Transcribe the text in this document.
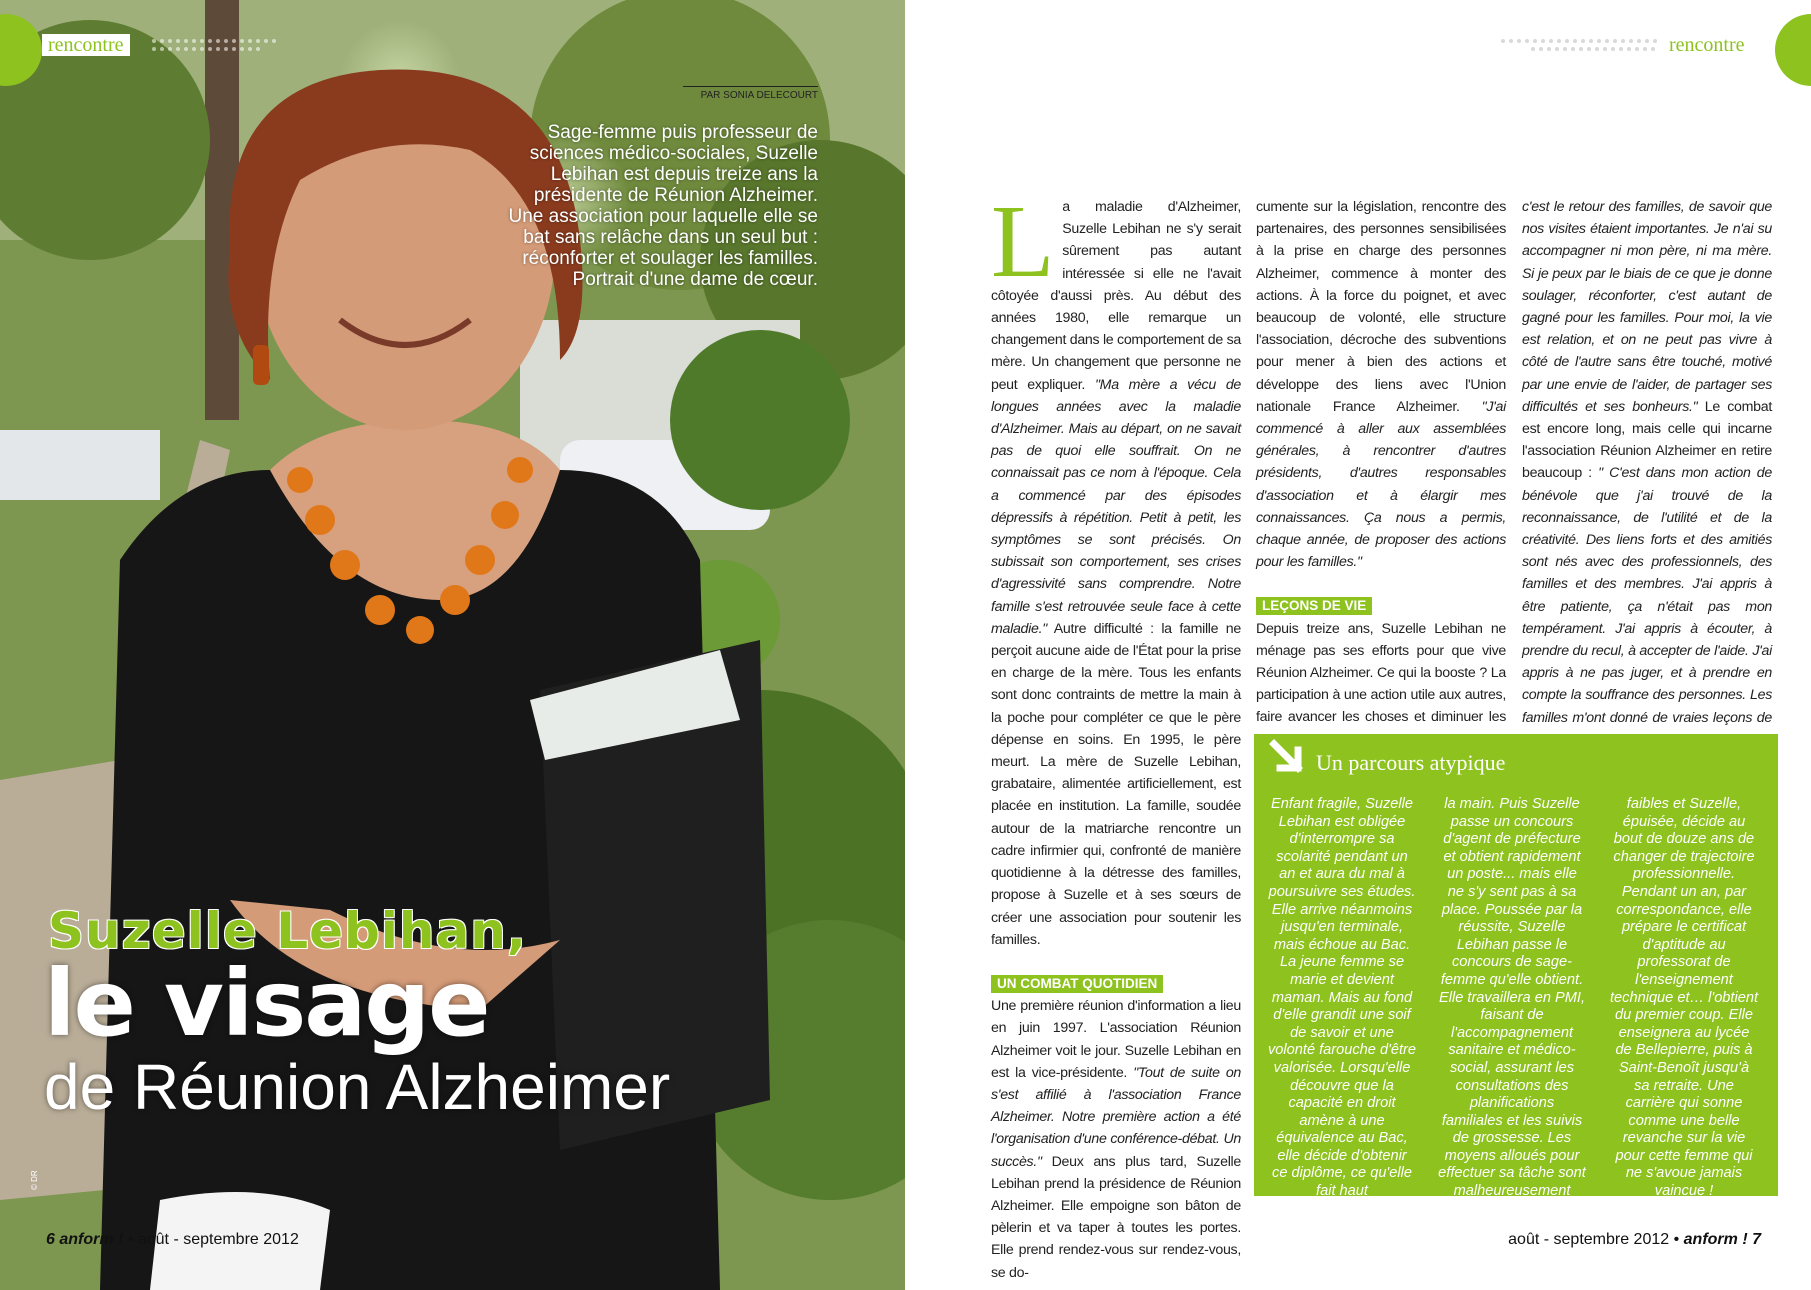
rencontre
PAR SONIA DELECOURT
Sage-femme puis professeur de sciences médico-sociales, Suzelle Lebihan est depuis treize ans la présidente de Réunion Alzheimer. Une association pour laquelle elle se bat sans relâche dans un seul but : réconforter et soulager les familles. Portrait d'une dame de cœur.
Suzelle Lebihan,
le visage
de Réunion Alzheimer
© DR
6 anform ! • août - septembre 2012
rencontre

La maladie d'Alzheimer, Suzelle Lebihan ne s'y serait sûrement pas autant intéressée si elle ne l'avait côtoyée d'aussi près. Au début des années 1980, elle remarque un changement dans le comportement de sa mère. Un changement que personne ne peut expliquer. "Ma mère a vécu de longues années avec la maladie d'Alzheimer. Mais au départ, on ne savait pas de quoi elle souffrait. On ne connaissait pas ce nom à l'époque. Cela a commencé par des épisodes dépressifs à répétition. Petit à petit, les symptômes se sont précisés. On subissait son comportement, ses crises d'agressivité sans comprendre. Notre famille s'est retrouvée seule face à cette maladie." Autre difficulté : la famille ne perçoit aucune aide de l'État pour la prise en charge de la mère. Tous les enfants sont donc contraints de mettre la main à la poche pour compléter ce que le père dépense en soins. En 1995, le père meurt. La mère de Suzelle Lebihan, grabataire, alimentée artificiellement, est placée en institution. La famille, soudée autour de la matriarche rencontre un cadre infirmier qui, confronté de manière quotidienne à la détresse des familles, propose à Suzelle et à ses sœurs de créer une association pour soutenir les familles.

UN COMBAT QUOTIDIEN

Une première réunion d'information a lieu en juin 1997. L'association Réunion Alzheimer voit le jour. Suzelle Lebihan en est la vice-présidente. "Tout de suite on s'est affilié à l'association France Alzheimer. Notre première action a été l'organisation d'une conférence-débat. Un succès." Deux ans plus tard, Suzelle Lebihan prend la présidence de Réunion Alzheimer. Elle empoigne son bâton de pèlerin et va taper à toutes les portes. Elle prend rendez-vous sur rendez-vous, se do-

cumente sur la législation, rencontre des partenaires, des personnes sensibilisées à la prise en charge des personnes Alzheimer, commence à monter des actions. À la force du poignet, et avec beaucoup de volonté, elle structure l'association, décroche des subventions pour mener à bien des actions et développe des liens avec l'Union nationale France Alzheimer. "J'ai commencé à aller aux assemblées générales, à rencontrer d'autres présidents, d'autres responsables d'association et à élargir mes connaissances. Ça nous a permis, chaque année, de proposer des actions pour les familles."

LEÇONS DE VIE

Depuis treize ans, Suzelle Lebihan ne ménage pas ses efforts pour que vive Réunion Alzheimer. Ce qui la booste ? La participation à une action utile aux autres, faire avancer les choses et diminuer les

c'est le retour des familles, de savoir que nos visites étaient importantes. Je n'ai su accompagner ni mon père, ni ma mère. Si je peux par le biais de ce que je donne soulager, réconforter, c'est autant de gagné pour les familles. Pour moi, la vie est relation, et on ne peut pas vivre à côté de l'autre sans être touché, motivé par une envie de l'aider, de partager ses difficultés et ses bonheurs." Le combat est encore long, mais celle qui incarne l'association Réunion Alzheimer en retire beaucoup : " C'est dans mon action de bénévole que j'ai trouvé de la reconnaissance, de l'utilité et de la créativité. Des liens forts et des amitiés sont nés avec des professionnels, des familles et des membres. J'ai appris à être patiente, ça n'était pas mon tempérament. J'ai appris à écouter, à prendre du recul, à accepter de l'aide. J'ai appris à ne pas juger, et à prendre en compte la souffrance des personnes. Les familles m'ont donné de vraies leçons de

Un parcours atypique
Enfant fragile, Suzelle Lebihan est obligée d'interrompre sa scolarité pendant un an et aura du mal à poursuivre ses études. Elle arrive néanmoins jusqu'en terminale, mais échoue au Bac. La jeune femme se marie et devient maman. Mais au fond d'elle grandit une soif de savoir et une volonté farouche d'être valorisée. Lorsqu'elle découvre que la capacité en droit amène à une équivalence au Bac, elle décide d'obtenir ce diplôme, ce qu'elle fait haut
la main. Puis Suzelle passe un concours d'agent de préfecture et obtient rapidement un poste... mais elle ne s'y sent pas à sa place. Poussée par la réussite, Suzelle Lebihan passe le concours de sage-femme qu'elle obtient. Elle travaillera en PMI, faisant de l'accompagnement sanitaire et médico-social, assurant les consultations des planifications familiales et les suivis de grossesse. Les moyens alloués pour effectuer sa tâche sont malheureusement
faibles et Suzelle, épuisée, décide au bout de douze ans de changer de trajectoire professionnelle. Pendant un an, par correspondance, elle prépare le certificat d'aptitude au professorat de l'enseignement technique et… l'obtient du premier coup. Elle enseignera au lycée de Bellepierre, puis à Saint-Benoît jusqu'à sa retraite. Une carrière qui sonne comme une belle revanche sur la vie pour cette femme qui ne s'avoue jamais vaincue !
août - septembre 2012 • anform ! 7
